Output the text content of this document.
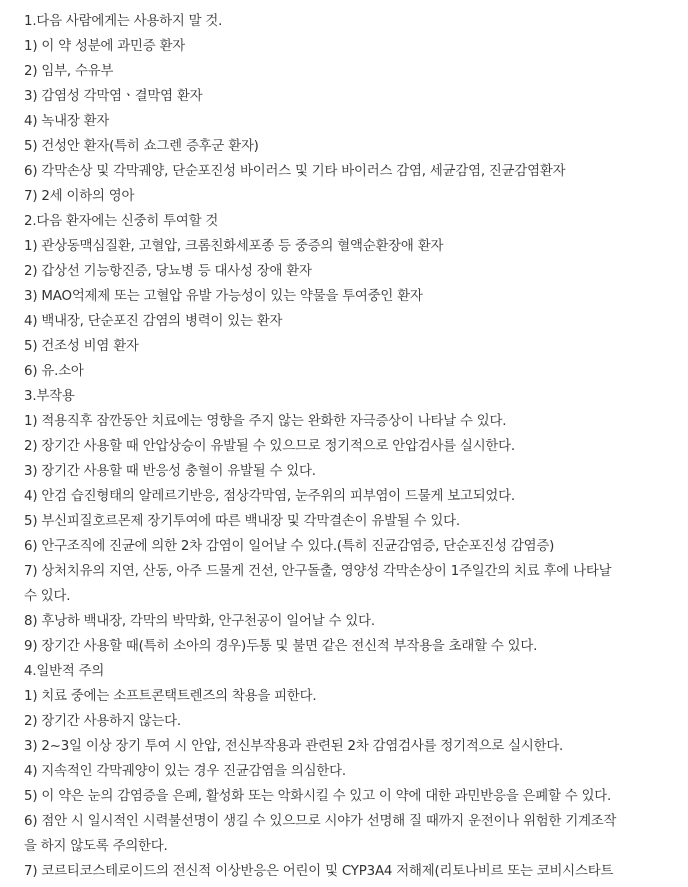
1.다음 사람에게는 사용하지 말 것.

1) 이 약 성분에 과민증 환자

2) 임부, 수유부

3) 감염성 각막염ㆍ결막염 환자

4) 녹내장 환자

5) 건성안 환자(특히 쇼그렌 증후군 환자)

6) 각막손상 및 각막궤양, 단순포진성 바이러스 및 기타 바이러스 감염, 세균감염, 진균감염환자

7) 2세 이하의 영아

2.다음 환자에는 신중히 투여할 것

1) 관상동맥심질환, 고혈압, 크롬친화세포종 등 중증의 혈액순환장애 환자

2) 갑상선 기능항진증, 당뇨병 등 대사성 장애 환자

3) MAO억제제 또는 고혈압 유발 가능성이 있는 약물을 투여중인 환자

4) 백내장, 단순포진 감염의 병력이 있는 환자

5) 건조성 비염 환자

6) 유.소아

3.부작용

1) 적용직후 잠깐동안 치료에는 영향을 주지 않는 완화한 자극증상이 나타날 수 있다.

2) 장기간 사용할 때 안압상승이 유발될 수 있으므로 정기적으로 안압검사를 실시한다.

3) 장기간 사용할 때 반응성 충혈이 유발될 수 있다.

4) 안검 습진형태의 알레르기반응, 점상각막염, 눈주위의 피부염이 드물게 보고되었다.

5) 부신피질호르몬제 장기투여에 따른 백내장 및 각막결손이 유발될 수 있다.

6) 안구조직에 진균에 의한 2차 감염이 일어날 수 있다.(특히 진균감염증, 단순포진성 감염증)

7) 상처치유의 지연, 산동, 아주 드물게 건선, 안구돌출, 영양성 각막손상이 1주일간의 치료 후에 나타날

수 있다.

8) 후낭하 백내장, 각막의 박막화, 안구천공이 일어날 수 있다.

9) 장기간 사용할 때(특히 소아의 경우)두통 및 불면 같은 전신적 부작용을 초래할 수 있다.

4.일반적 주의

1) 치료 중에는 소프트콘택트렌즈의 착용을 피한다.

2) 장기간 사용하지 않는다.

3) 2~3일 이상 장기 투여 시 안압, 전신부작용과 관련된 2차 감염검사를 정기적으로 실시한다.

4) 지속적인 각막궤양이 있는 경우 진균감염을 의심한다.

5) 이 약은 눈의 감염증을 은폐, 활성화 또는 악화시킬 수 있고 이 약에 대한 과민반응을 은폐할 수 있다.

6) 점안 시 일시적인 시력불선명이 생길 수 있으므로 시야가 선명해 질 때까지 운전이나 위험한 기계조작

을 하지 않도록 주의한다.

7) 코르티코스테로이드의 전신적 이상반응은 어린이 및 CYP3A4 저해제(리토나비르 또는 코비시스타트
